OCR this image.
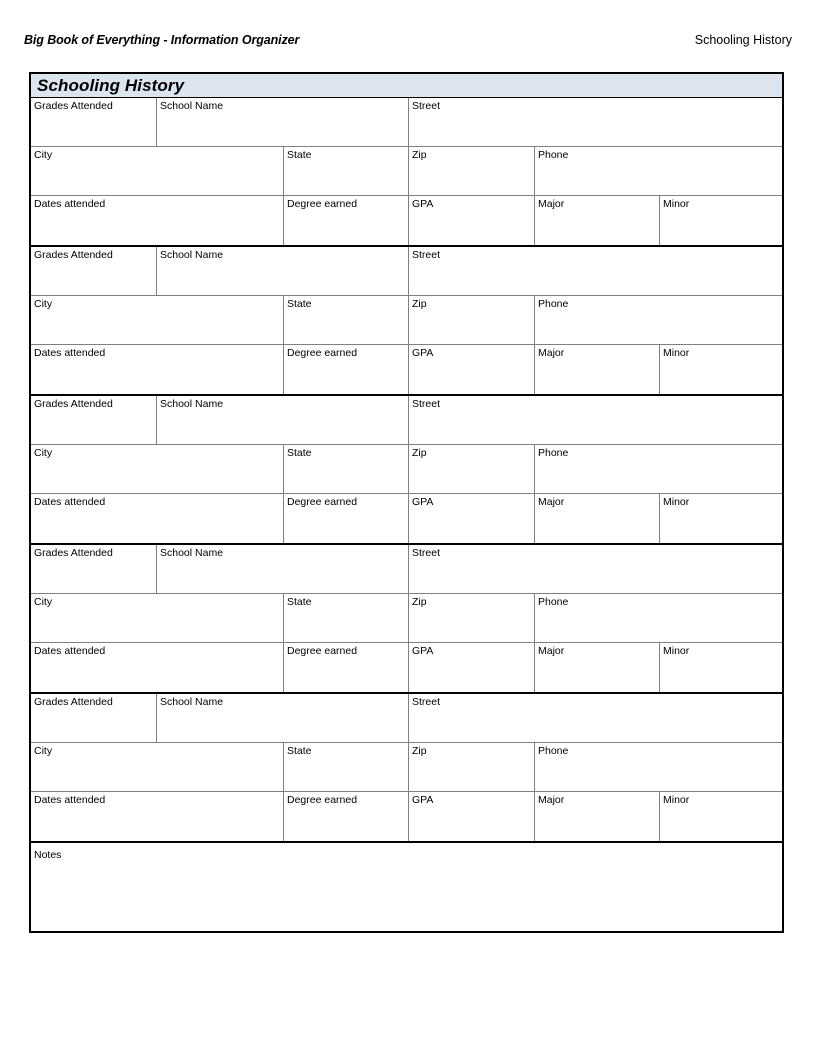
Big Book of Everything - Information Organizer	Schooling History
Schooling History
Grades Attended	School Name	Street
City	State	Zip	Phone
Dates attended	Degree earned	GPA	Major	Minor
Grades Attended	School Name	Street
City	State	Zip	Phone
Dates attended	Degree earned	GPA	Major	Minor
Grades Attended	School Name	Street
City	State	Zip	Phone
Dates attended	Degree earned	GPA	Major	Minor
Grades Attended	School Name	Street
City	State	Zip	Phone
Dates attended	Degree earned	GPA	Major	Minor
Grades Attended	School Name	Street
City	State	Zip	Phone
Dates attended	Degree earned	GPA	Major	Minor
Notes
